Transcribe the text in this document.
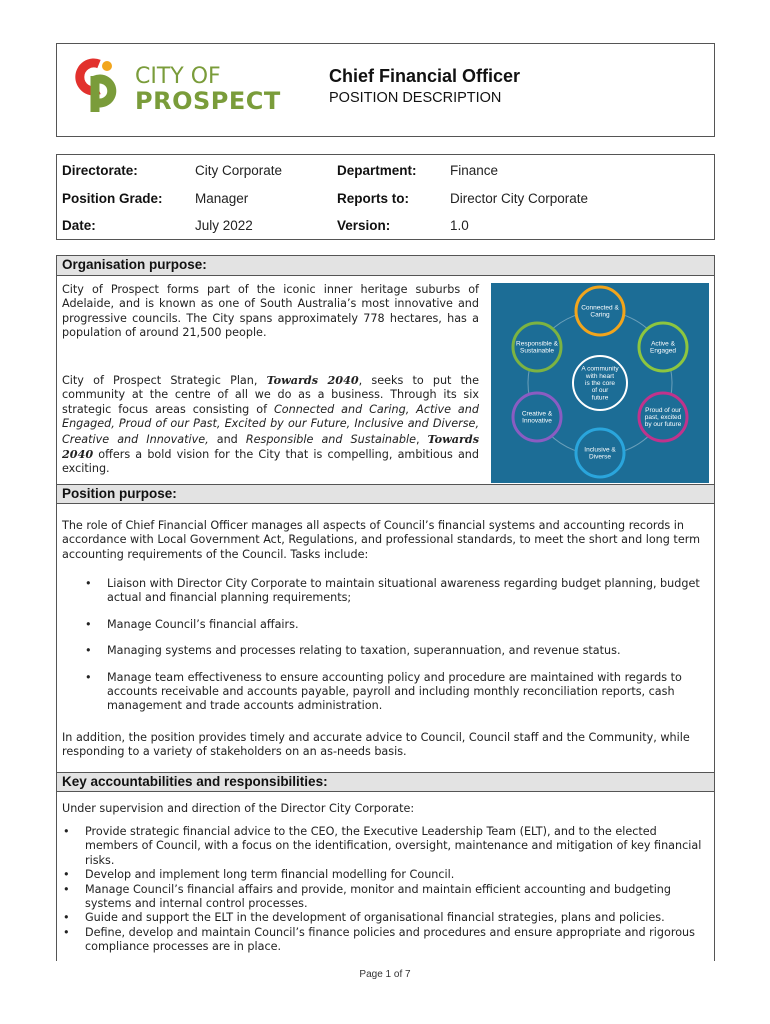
CITY OF
PROSPECT
Chief Financial Officer
POSITION DESCRIPTION
Directorate:	City Corporate	Department: Finance
Position Grade: Manager	Reports to:	Director City Corporate
Date:	July 2022	Version:	1.0
Organisation purpose:
City of Prospect forms part of the iconic inner heritage suburbs of Adelaide, and is known as one of South Australia’s most innovative and progressive councils. The City spans approximately 778 hectares, has a population of around 21,500 people.
City of Prospect Strategic Plan, Towards 2040, seeks to put the community at the centre of all we do as a business. Through its six strategic focus areas consisting of Connected and Caring, Active and Engaged, Proud of our Past, Excited by our Future, Inclusive and Diverse, Creative and Innovative, and Responsible and Sustainable, Towards 2040 offers a bold vision for the City that is compelling, ambitious and exciting.
A community with heart is the core of our future
Connected & Caring
Active & Engaged
Proud of our past, excited by our future
Inclusive & Diverse
Creative & Innovative
Responsible & Sustainable
Position purpose:
The role of Chief Financial Officer manages all aspects of Council’s financial systems and accounting records in accordance with Local Government Act, Regulations, and professional standards, to meet the short and long term accounting requirements of the Council. Tasks include:
• Liaison with Director City Corporate to maintain situational awareness regarding budget planning, budget actual and financial planning requirements;
• Manage Council’s financial affairs.
• Managing systems and processes relating to taxation, superannuation, and revenue status.
• Manage team effectiveness to ensure accounting policy and procedure are maintained with regards to accounts receivable and accounts payable, payroll and including monthly reconciliation reports, cash management and trade accounts administration.
In addition, the position provides timely and accurate advice to Council, Council staff and the Community, while responding to a variety of stakeholders on an as-needs basis.
Key accountabilities and responsibilities:
Under supervision and direction of the Director City Corporate:
• Provide strategic financial advice to the CEO, the Executive Leadership Team (ELT), and to the elected members of Council, with a focus on the identification, oversight, maintenance and mitigation of key financial risks.
• Develop and implement long term financial modelling for Council.
• Manage Council’s financial affairs and provide, monitor and maintain efficient accounting and budgeting systems and internal control processes.
• Guide and support the ELT in the development of organisational financial strategies, plans and policies.
• Define, develop and maintain Council’s finance policies and procedures and ensure appropriate and rigorous compliance processes are in place.
Page 1 of 7
